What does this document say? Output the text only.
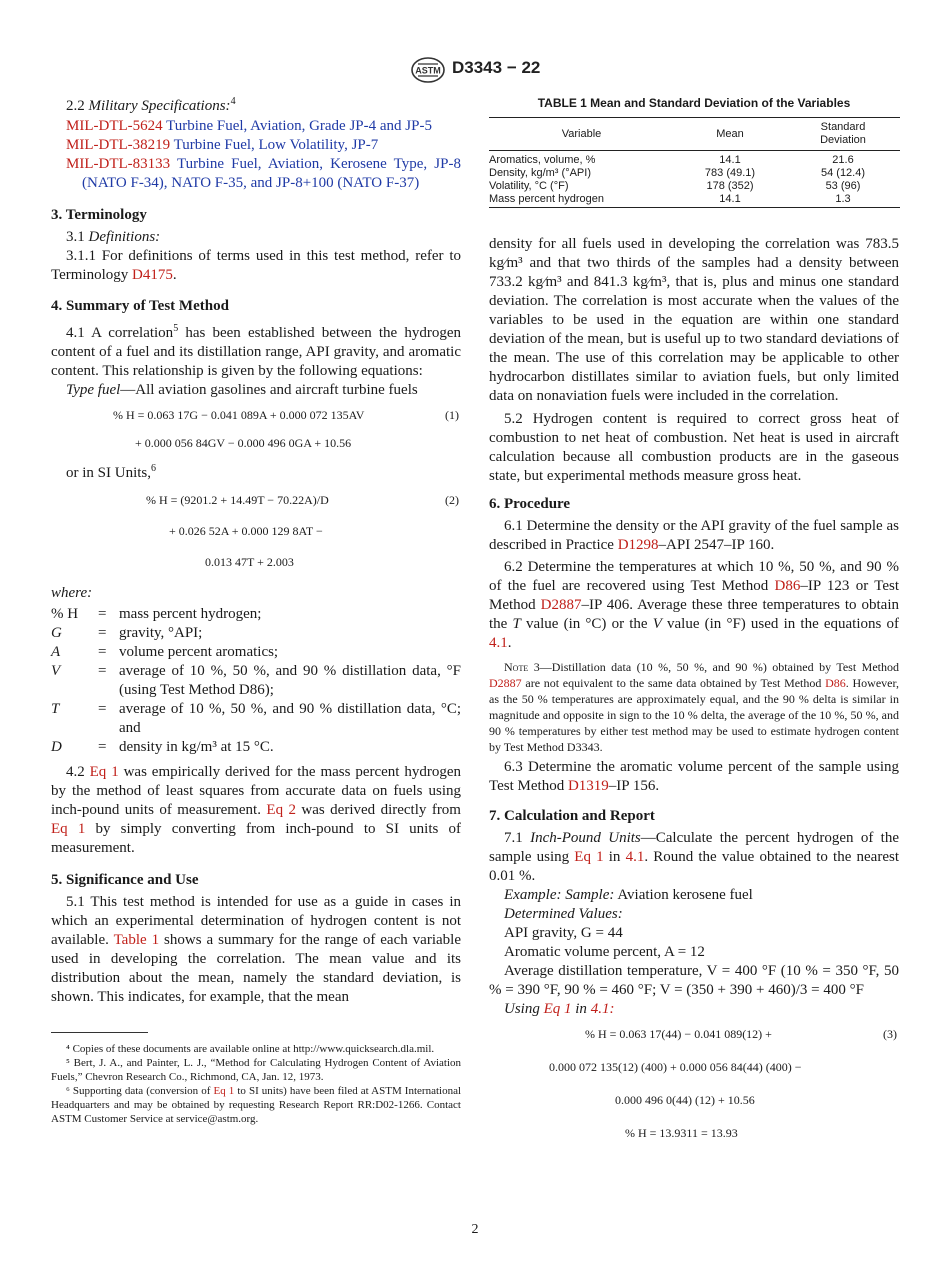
ASTM D3343 − 22

2.2 Military Specifications:$^4$

MIL-DTL-5624 Turbine Fuel, Aviation, Grade JP-4 and JP-5

MIL-DTL-38219 Turbine Fuel, Low Volatility, JP-7

MIL-DTL-83133 Turbine Fuel, Aviation, Kerosene Type, JP-8 (NATO F-34), NATO F-35, and JP-8+100 (NATO F-37)

3. Terminology

3.1 Definitions:

3.1.1 For definitions of terms used in this test method, refer to Terminology D4175.

4. Summary of Test Method

4.1 A correlation$^5$ has been established between the hydrogen content of a fuel and its distillation range, API gravity, and aromatic content. This relationship is given by the following equations:

Type fuel—All aviation gasolines and aircraft turbine fuels

% H = 0.063 17G − 0.041 089A + 0.000 072 135AV	(1)
+ 0.000 056 84GV − 0.000 496 0GA + 10.56

or in SI Units,$^6$

% H = (9201.2 + 14.49T − 70.22A)/D	(2)
+ 0.026 52A + 0.000 129 8AT −
0.013 47T + 2.003

where:

% H	= mass percent hydrogen;
G	= gravity, °API;
A	= volume percent aromatics;
V	= average of 10 %, 50 %, and 90 % distillation data, °F (using Test Method D86);
T	= average of 10 %, 50 %, and 90 % distillation data, °C; and
D	= density in kg/m³ at 15 °C.

4.2 Eq 1 was empirically derived for the mass percent hydrogen by the method of least squares from accurate data on fuels using inch-pound units of measurement. Eq 2 was derived directly from Eq 1 by simply converting from inch-pound to SI units of measurement.

5. Significance and Use

5.1 This test method is intended for use as a guide in cases in which an experimental determination of hydrogen content is not available. Table 1 shows a summary for the range of each variable used in developing the correlation. The mean value and its distribution about the mean, namely the standard deviation, is shown. This indicates, for example, that the mean

⁴ Copies of these documents are available online at http://www.quicksearch.dla.mil.

⁵ Bert, J. A., and Painter, L. J., “Method for Calculating Hydrogen Content of Aviation Fuels,” Chevron Research Co., Richmond, CA, Jan. 12, 1973.

⁶ Supporting data (conversion of Eq 1 to SI units) have been filed at ASTM International Headquarters and may be obtained by requesting Research Report RR:D02-1266. Contact ASTM Customer Service at service@astm.org.

TABLE 1 Mean and Standard Deviation of the Variables
Variable	Mean	Standard Deviation
Aromatics, volume, %	14.1	21.6
Density, kg/m³ (°API)	783 (49.1)	54 (12.4)
Volatility, °C (°F)	178 (352)	53 (96)
Mass percent hydrogen	14.1	1.3

density for all fuels used in developing the correlation was 783.5 kg⁄m³ and that two thirds of the samples had a density between 733.2 kg⁄m³ and 841.3 kg⁄m³, that is, plus and minus one standard deviation. The correlation is most accurate when the values of the variables to be used in the equation are within one standard deviation of the mean, but is useful up to two standard deviations of the mean. The use of this correlation may be applicable to other hydrocarbon distillates similar to aviation fuels, but only limited data on nonaviation fuels were included in the correlation.

5.2 Hydrogen content is required to correct gross heat of combustion to net heat of combustion. Net heat is used in aircraft calculation because all combustion products are in the gaseous state, but experimental methods measure gross heat.

6. Procedure

6.1 Determine the density or the API gravity of the fuel sample as described in Practice D1298–API 2547–IP 160.

6.2 Determine the temperatures at which 10 %, 50 %, and 90 % of the fuel are recovered using Test Method D86–IP 123 or Test Method D2887–IP 406. Average these three temperatures to obtain the T value (in °C) or the V value (in °F) used in the equations of 4.1.

Note 3—Distillation data (10 %, 50 %, and 90 %) obtained by Test Method D2887 are not equivalent to the same data obtained by Test Method D86. However, as the 50 % temperatures are approximately equal, and the 90 % delta is similar in magnitude and opposite in sign to the 10 % delta, the average of the 10 %, 50 %, and 90 % temperatures by either test method may be used to estimate hydrogen content by Test Method D3343.

6.3 Determine the aromatic volume percent of the sample using Test Method D1319–IP 156.

7. Calculation and Report

7.1 Inch-Pound Units—Calculate the percent hydrogen of the sample using Eq 1 in 4.1. Round the value obtained to the nearest 0.01 %.

Example: Sample: Aviation kerosene fuel

Determined Values:

API gravity, G = 44

Aromatic volume percent, A = 12

Average distillation temperature, V = 400 °F (10 % = 350 °F, 50 % = 390 °F, 90 % = 460 °F; V = (350 + 390 + 460)/3 = 400 °F

Using Eq 1 in 4.1:

% H = 0.063 17(44) − 0.041 089(12) +	(3)
0.000 072 135(12) (400) + 0.000 056 84(44) (400) −
0.000 496 0(44) (12) + 10.56
% H = 13.9311 = 13.93
2
